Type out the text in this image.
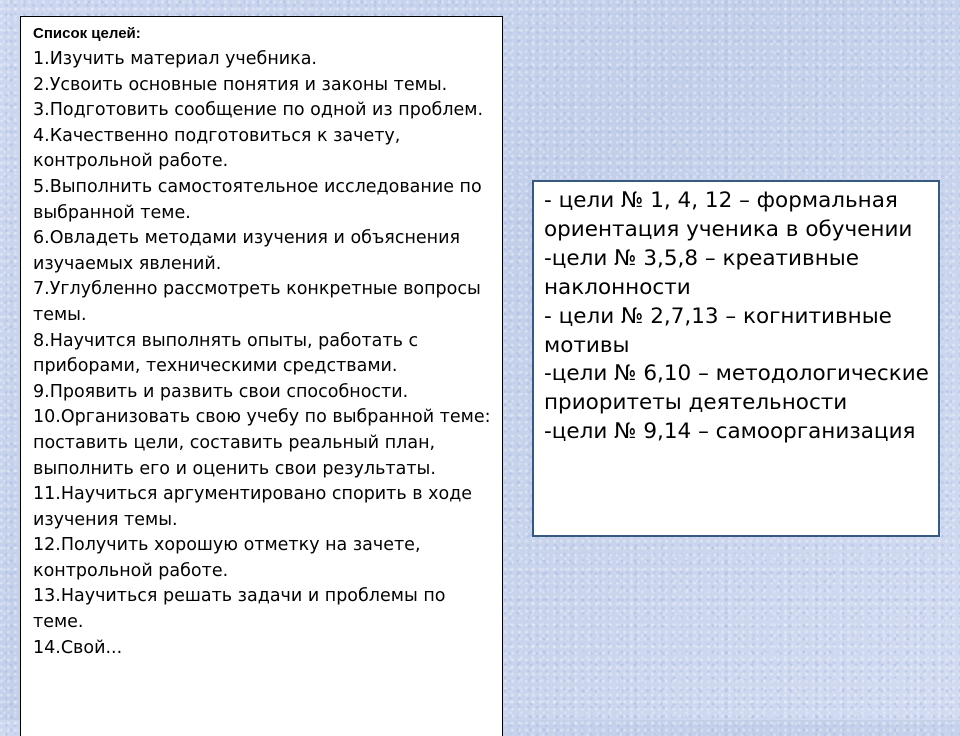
Список целей:
1.Изучить материал учебника.
2.Усвоить основные понятия и законы темы.
3.Подготовить сообщение по одной из проблем.
4.Качественно подготовиться к зачету, контрольной работе.
5.Выполнить самостоятельное исследование по выбранной теме.
6.Овладеть методами изучения и объяснения изучаемых явлений.
7.Углубленно рассмотреть конкретные вопросы темы.
8.Научится выполнять опыты, работать с приборами, техническими средствами.
9.Проявить и развить свои способности.
10.Организовать свою учебу по выбранной теме: поставить цели, составить реальный план, выполнить его и оценить свои результаты.
11.Научиться аргументировано спорить в ходе изучения темы.
12.Получить хорошую отметку на зачете, контрольной работе.
13.Научиться решать задачи и проблемы по теме.
14.Свой...
- цели № 1, 4, 12 – формальная ориентация ученика в обучении
-цели № 3,5,8 – креативные наклонности
- цели № 2,7,13 – когнитивные мотивы
-цели № 6,10 – методологические приоритеты деятельности
-цели № 9,14 – самоорганизация
